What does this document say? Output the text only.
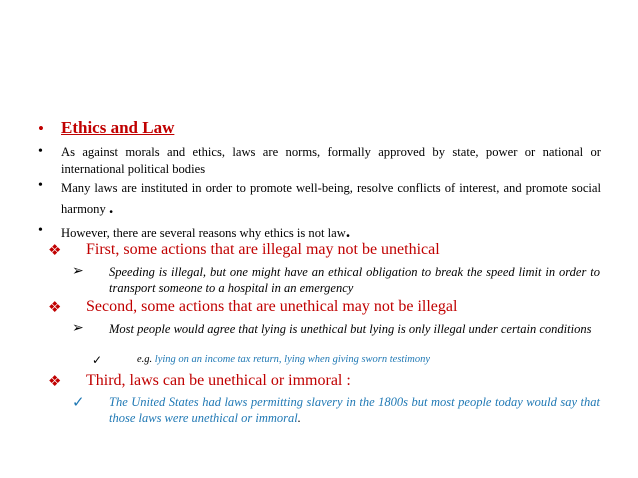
• Ethics and Law
• As against morals and ethics, laws are norms, formally approved by state, power or national or international political bodies
• Many laws are instituted in order to promote well-being, resolve conflicts of interest, and promote social harmony .
• However, there are several reasons why ethics is not law.
❖ First, some actions that are illegal may not be unethical
➢ Speeding is illegal, but one might have an ethical obligation to break the speed limit in order to transport someone to a hospital in an emergency
❖ Second, some actions that are unethical may not be illegal
➢ Most people would agree that lying is unethical but lying is only illegal under certain conditions
✓	e.g. lying on an income tax return, lying when giving sworn testimony
❖ Third, laws can be unethical or immoral :
✓ The United States had laws permitting slavery in the 1800s but most people today would say that those laws were unethical or immoral.
